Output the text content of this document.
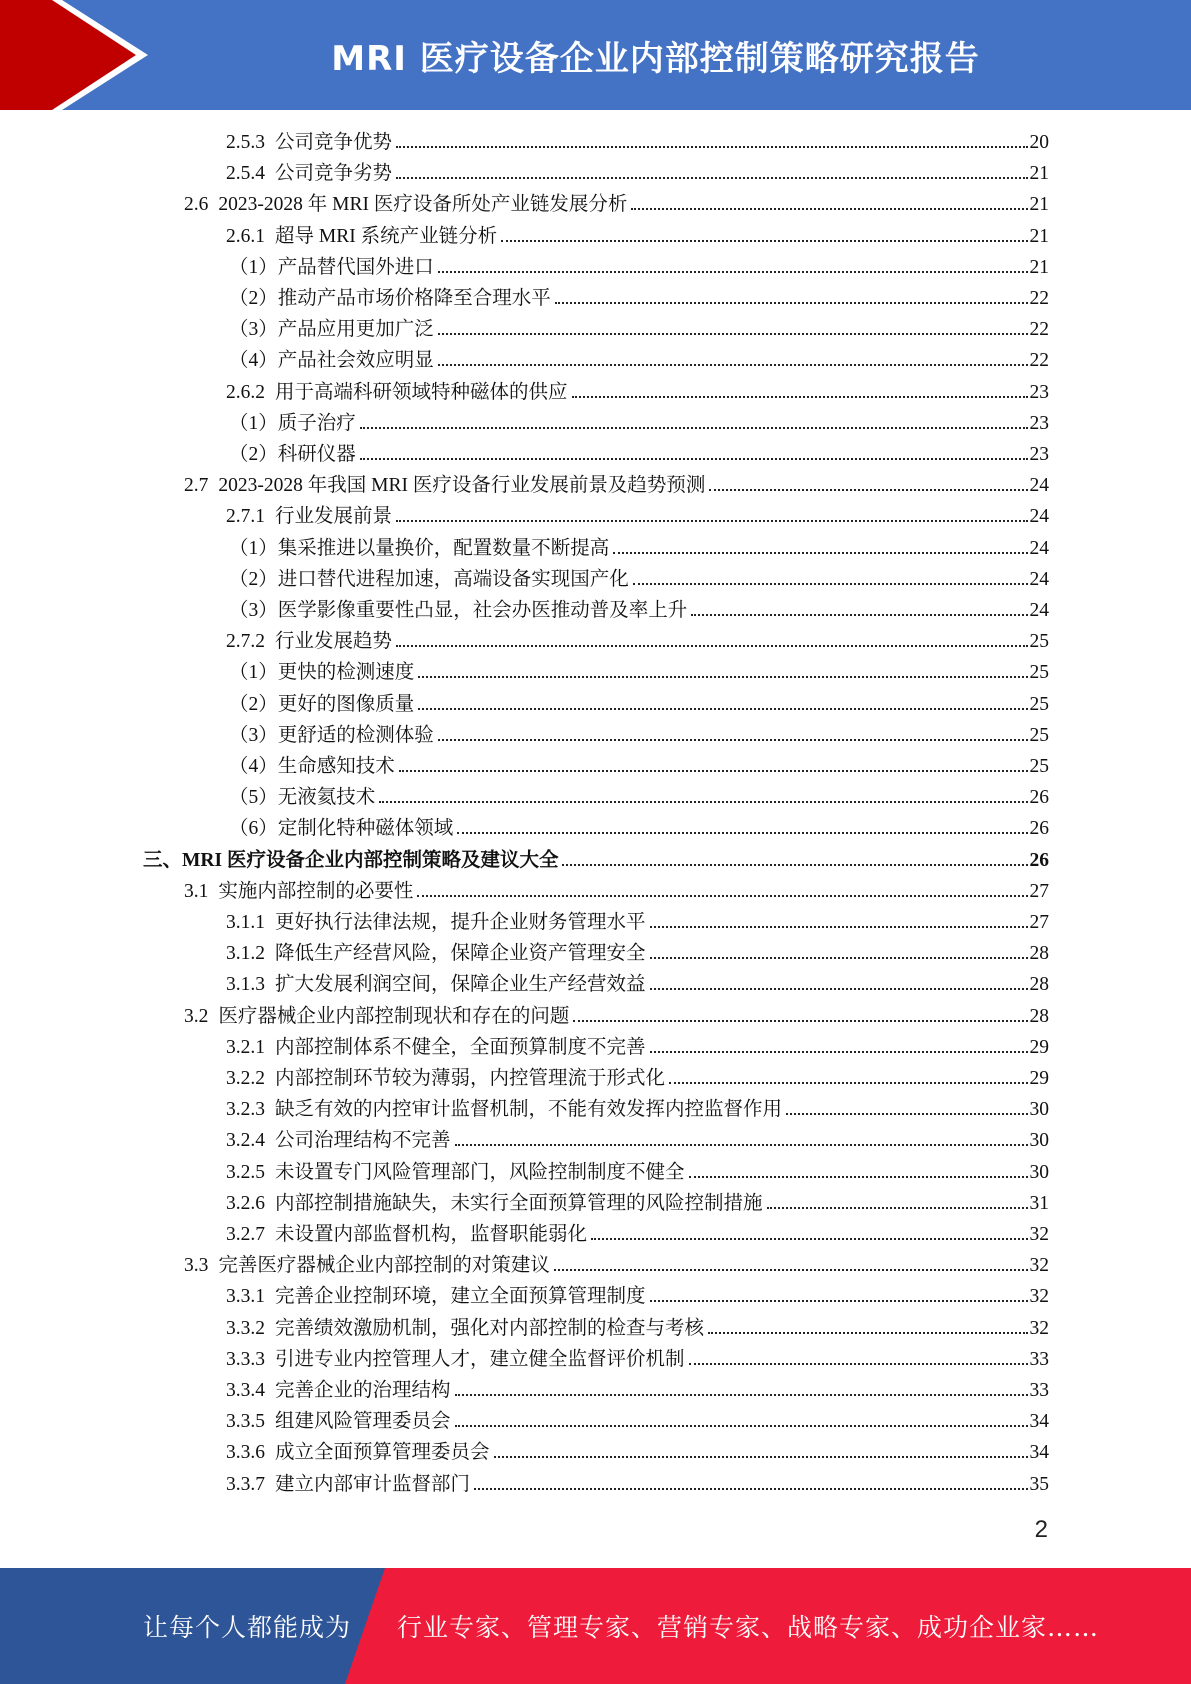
MRI 医疗设备企业内部控制策略研究报告
2.5.3 公司竞争优势	20
2.5.4 公司竞争劣势	21
2.6 2023-2028 年 MRI 医疗设备所处产业链发展分析	21
2.6.1 超导 MRI 系统产业链分析	21
（1） 产品替代国外进口	21
（2） 推动产品市场价格降至合理水平	22
（3） 产品应用更加广泛	22
（4） 产品社会效应明显	22
2.6.2 用于高端科研领域特种磁体的供应	23
（1） 质子治疗	23
（2） 科研仪器	23
2.7 2023-2028 年我国 MRI 医疗设备行业发展前景及趋势预测	24
2.7.1 行业发展前景	24
（1） 集采推进以量换价，配置数量不断提高	24
（2） 进口替代进程加速，高端设备实现国产化	24
（3） 医学影像重要性凸显，社会办医推动普及率上升	24
2.7.2 行业发展趋势	25
（1） 更快的检测速度	25
（2） 更好的图像质量	25
（3） 更舒适的检测体验	25
（4） 生命感知技术	25
（5） 无液氦技术	26
（6） 定制化特种磁体领域	26
三、 MRI 医疗设备企业内部控制策略及建议大全	26
3.1 实施内部控制的必要性	27
3.1.1 更好执行法律法规，提升企业财务管理水平	27
3.1.2 降低生产经营风险，保障企业资产管理安全	28
3.1.3 扩大发展利润空间，保障企业生产经营效益	28
3.2 医疗器械企业内部控制现状和存在的问题	28
3.2.1 内部控制体系不健全，全面预算制度不完善	29
3.2.2 内部控制环节较为薄弱，内控管理流于形式化	29
3.2.3 缺乏有效的内控审计监督机制，不能有效发挥内控监督作用	30
3.2.4 公司治理结构不完善	30
3.2.5 未设置专门风险管理部门，风险控制制度不健全	30
3.2.6 内部控制措施缺失，未实行全面预算管理的风险控制措施	31
3.2.7 未设置内部监督机构，监督职能弱化	32
3.3 完善医疗器械企业内部控制的对策建议	32
3.3.1 完善企业控制环境，建立全面预算管理制度	32
3.3.2 完善绩效激励机制，强化对内部控制的检查与考核	32
3.3.3 引进专业内控管理人才，建立健全监督评价机制	33
3.3.4 完善企业的治理结构	33
3.3.5 组建风险管理委员会	34
3.3.6 成立全面预算管理委员会	34
3.3.7 建立内部审计监督部门	35
2
让每个人都能成为 行业专家、管理专家、营销专家、战略专家、成功企业家……
